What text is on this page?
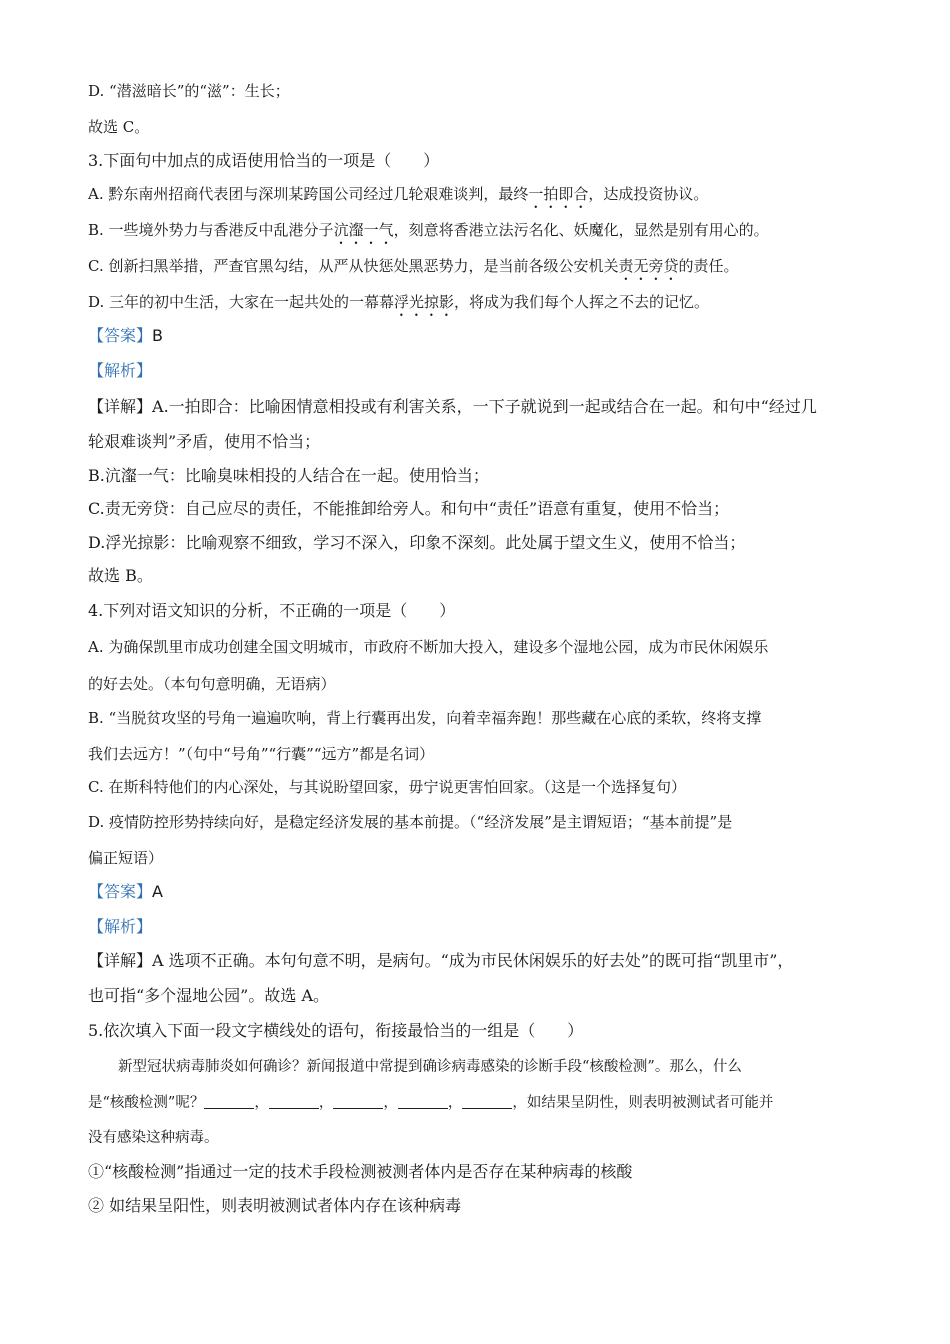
D. “潜滋暗长”的“滋”：生长；
故选 C。
3.下面句中加点的成语使用恰当的一项是（　　）
A. 黔东南州招商代表团与深圳某跨国公司经过几轮艰难谈判，最终一拍即合，达成投资协议。
B. 一些境外势力与香港反中乱港分子沆瀣一气，刻意将香港立法污名化、妖魔化，显然是别有用心的。
C. 创新扫黑举措，严查官黑勾结，从严从快惩处黑恶势力，是当前各级公安机关责无旁贷的责任。
D. 三年的初中生活，大家在一起共处的一幕幕浮光掠影，将成为我们每个人挥之不去的记忆。
【答案】B
【解析】
【详解】A.一拍即合：比喻困情意相投或有利害关系，一下子就说到一起或结合在一起。和句中“经过几
轮艰难谈判”矛盾，使用不恰当；
B.沆瀣一气：比喻臭味相投的人结合在一起。使用恰当；
C.责无旁贷：自己应尽的责任，不能推卸给旁人。和句中“责任”语意有重复，使用不恰当；
D.浮光掠影：比喻观察不细致，学习不深入，印象不深刻。此处属于望文生义，使用不恰当；
故选 B。
4.下列对语文知识的分析，不正确的一项是（　　）
A. 为确保凯里市成功创建全国文明城市，市政府不断加大投入，建设多个湿地公园，成为市民休闲娱乐
的好去处。（本句句意明确，无语病）
B. “当脱贫攻坚的号角一遍遍吹响，背上行囊再出发，向着幸福奔跑！那些藏在心底的柔软，终将支撑
我们去远方！”（句中“号角”“行囊”“远方”都是名词）
C. 在斯科特他们的内心深处，与其说盼望回家，毋宁说更害怕回家。（这是一个选择复句）
D. 疫情防控形势持续向好，是稳定经济发展的基本前提。（“经济发展”是主谓短语；“基本前提”是
偏正短语）
【答案】A
【解析】
【详解】A 选项不正确。本句句意不明，是病句。“成为市民休闲娱乐的好去处”的既可指“凯里市”，
也可指“多个湿地公园”。故选 A。
5.依次填入下面一段文字横线处的语句，衔接最恰当的一组是（　　）
新型冠状病毒肺炎如何确诊？新闻报道中常提到确诊病毒感染的诊断手段“核酸检测”。那么，什么
是“核酸检测”呢？	，	，	，	，	，如结果呈阴性，则表明被测试者可能并
没有感染这种病毒。
①“核酸检测”指通过一定的技术手段检测被测者体内是否存在某种病毒的核酸
② 如结果呈阳性，则表明被测试者体内存在该种病毒
